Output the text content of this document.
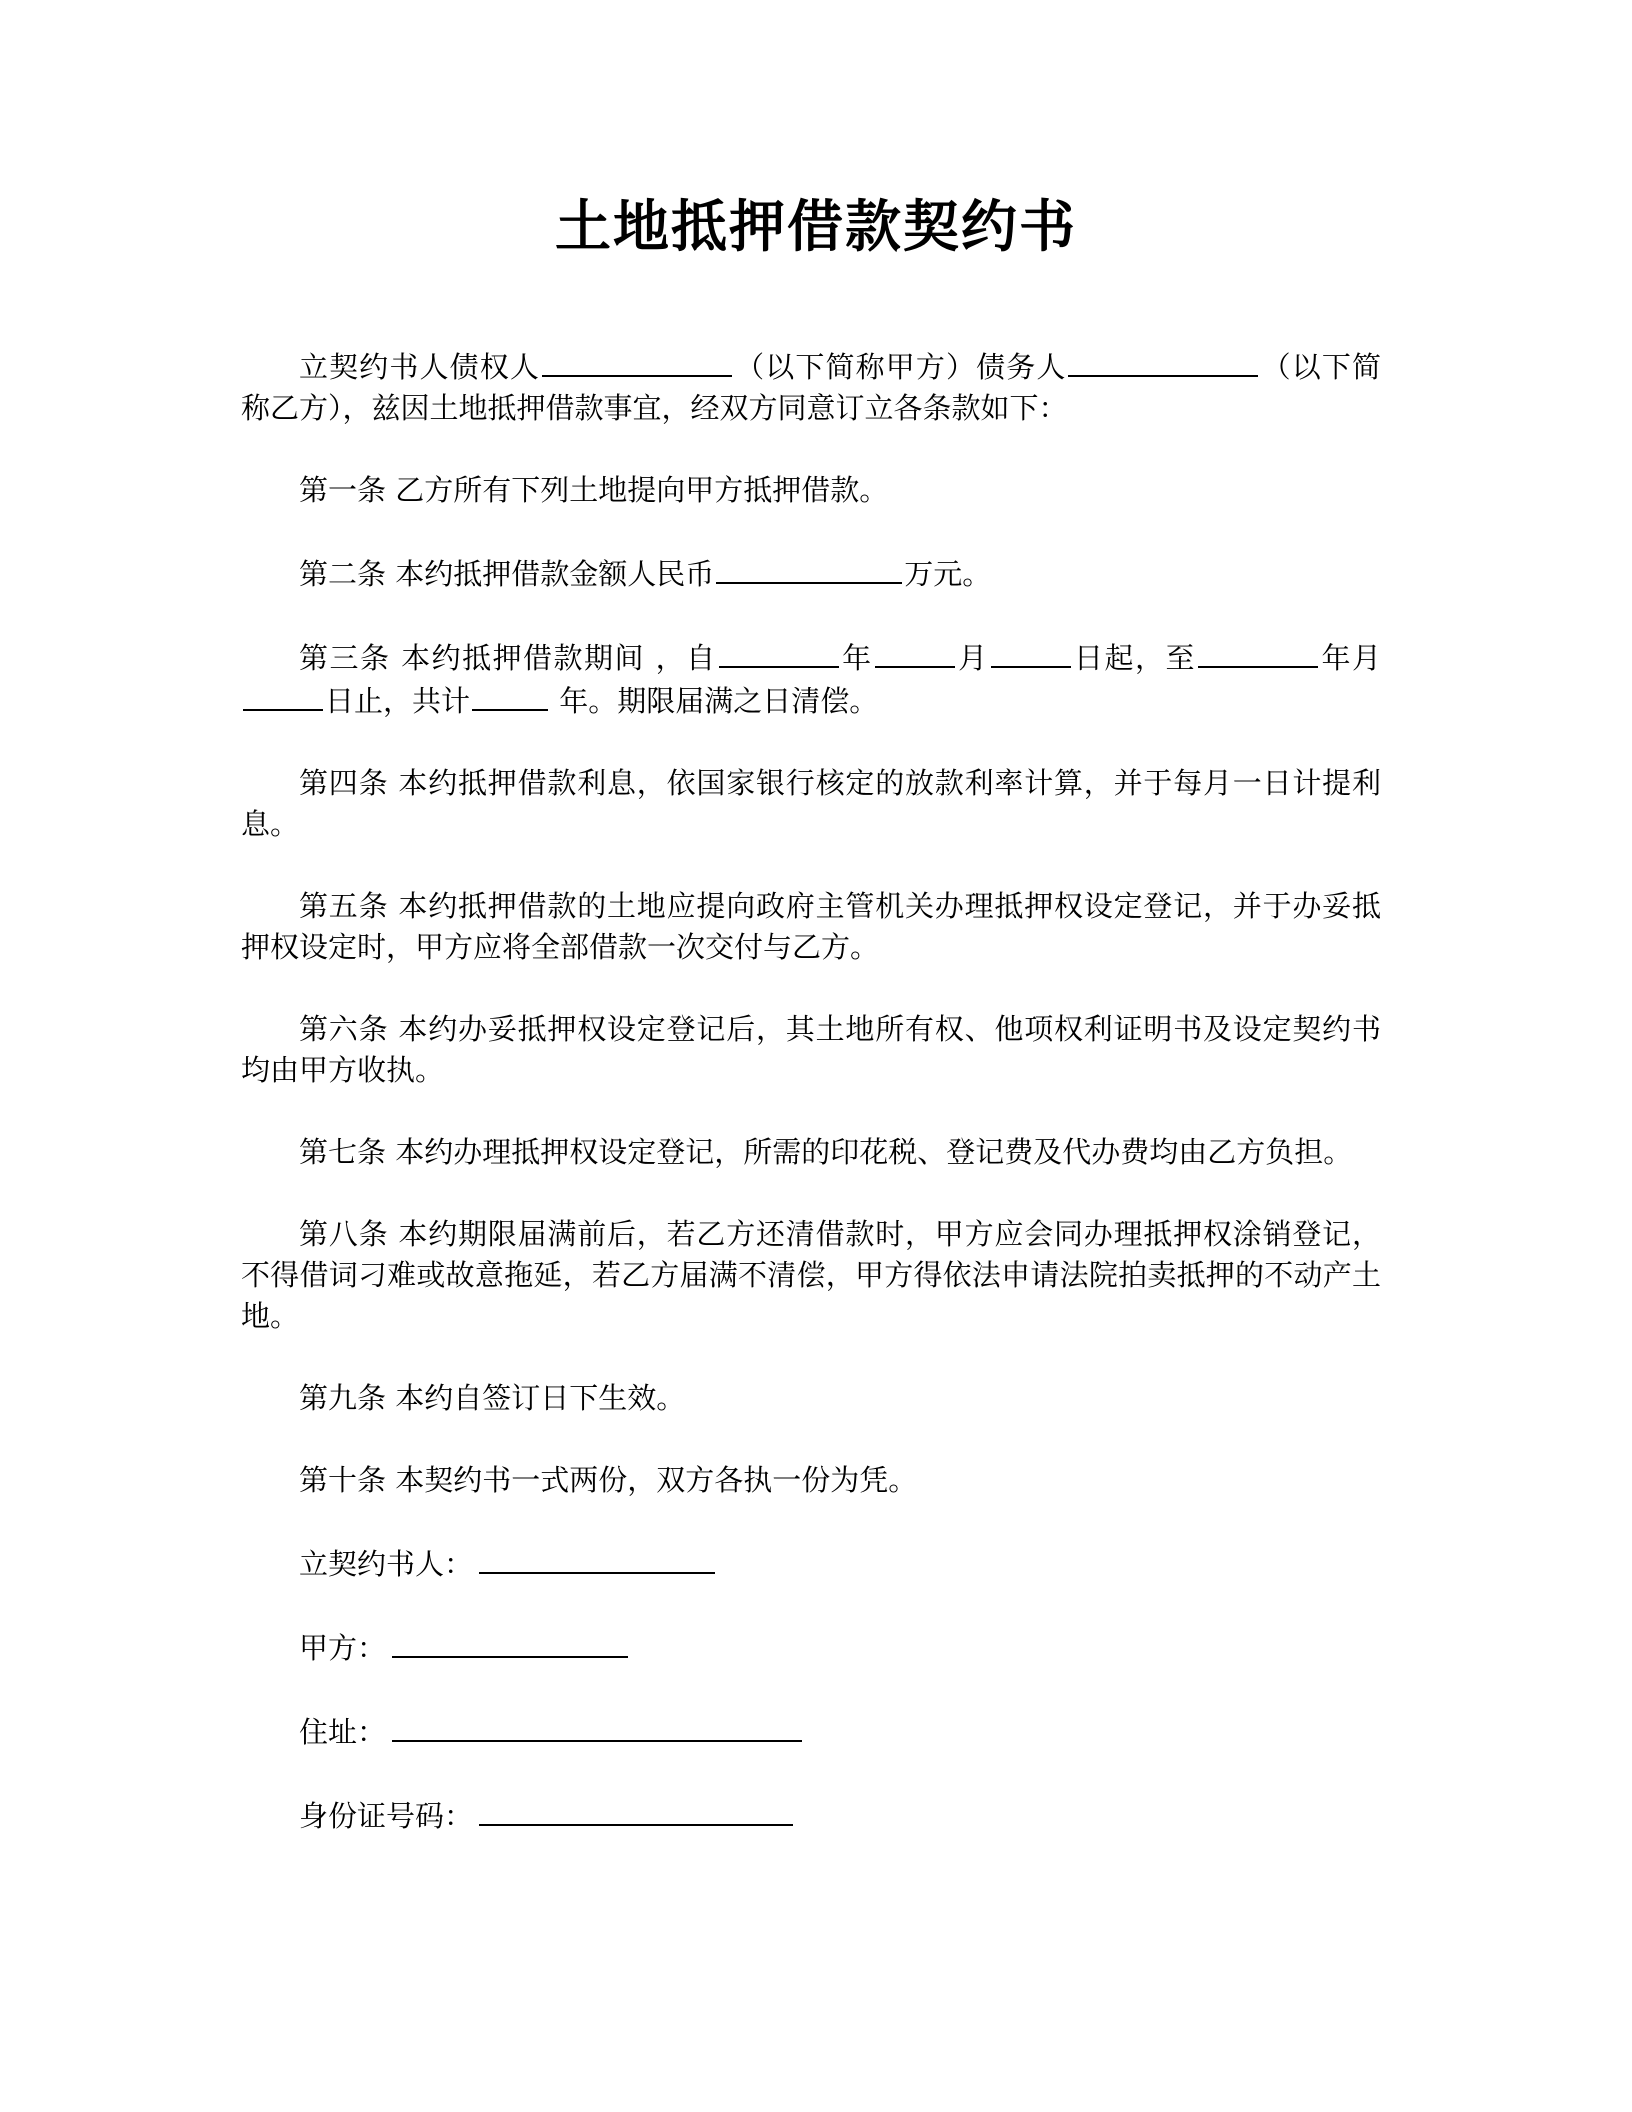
土地抵押借款契约书

立契约书人债权人	（以下简称甲方）债务人	（以下简称乙方），兹因土地抵押借款事宜，经双方同意订立各条款如下：

第一条 乙方所有下列土地提向甲方抵押借款。

第二条 本约抵押借款金额人民币	万元。

第三条 本约抵押借款期间 ，自	年	月	日起，至	年月日止，共计	年。期限届满之日清偿。

第四条 本约抵押借款利息，依国家银行核定的放款利率计算，并于每月一日计提利息。

第五条 本约抵押借款的土地应提向政府主管机关办理抵押权设定登记，并于办妥抵押权设定时，甲方应将全部借款一次交付与乙方。

第六条 本约办妥抵押权设定登记后，其土地所有权、他项权利证明书及设定契约书均由甲方收执。

第七条 本约办理抵押权设定登记，所需的印花税、登记费及代办费均由乙方负担。

第八条 本约期限届满前后，若乙方还清借款时，甲方应会同办理抵押权涂销登记，不得借词刁难或故意拖延，若乙方届满不清偿，甲方得依法申请法院拍卖抵押的不动产土地。

第九条 本约自签订日下生效。

第十条 本契约书一式两份，双方各执一份为凭。

立契约书人：
甲方：
住址：
身份证号码：
